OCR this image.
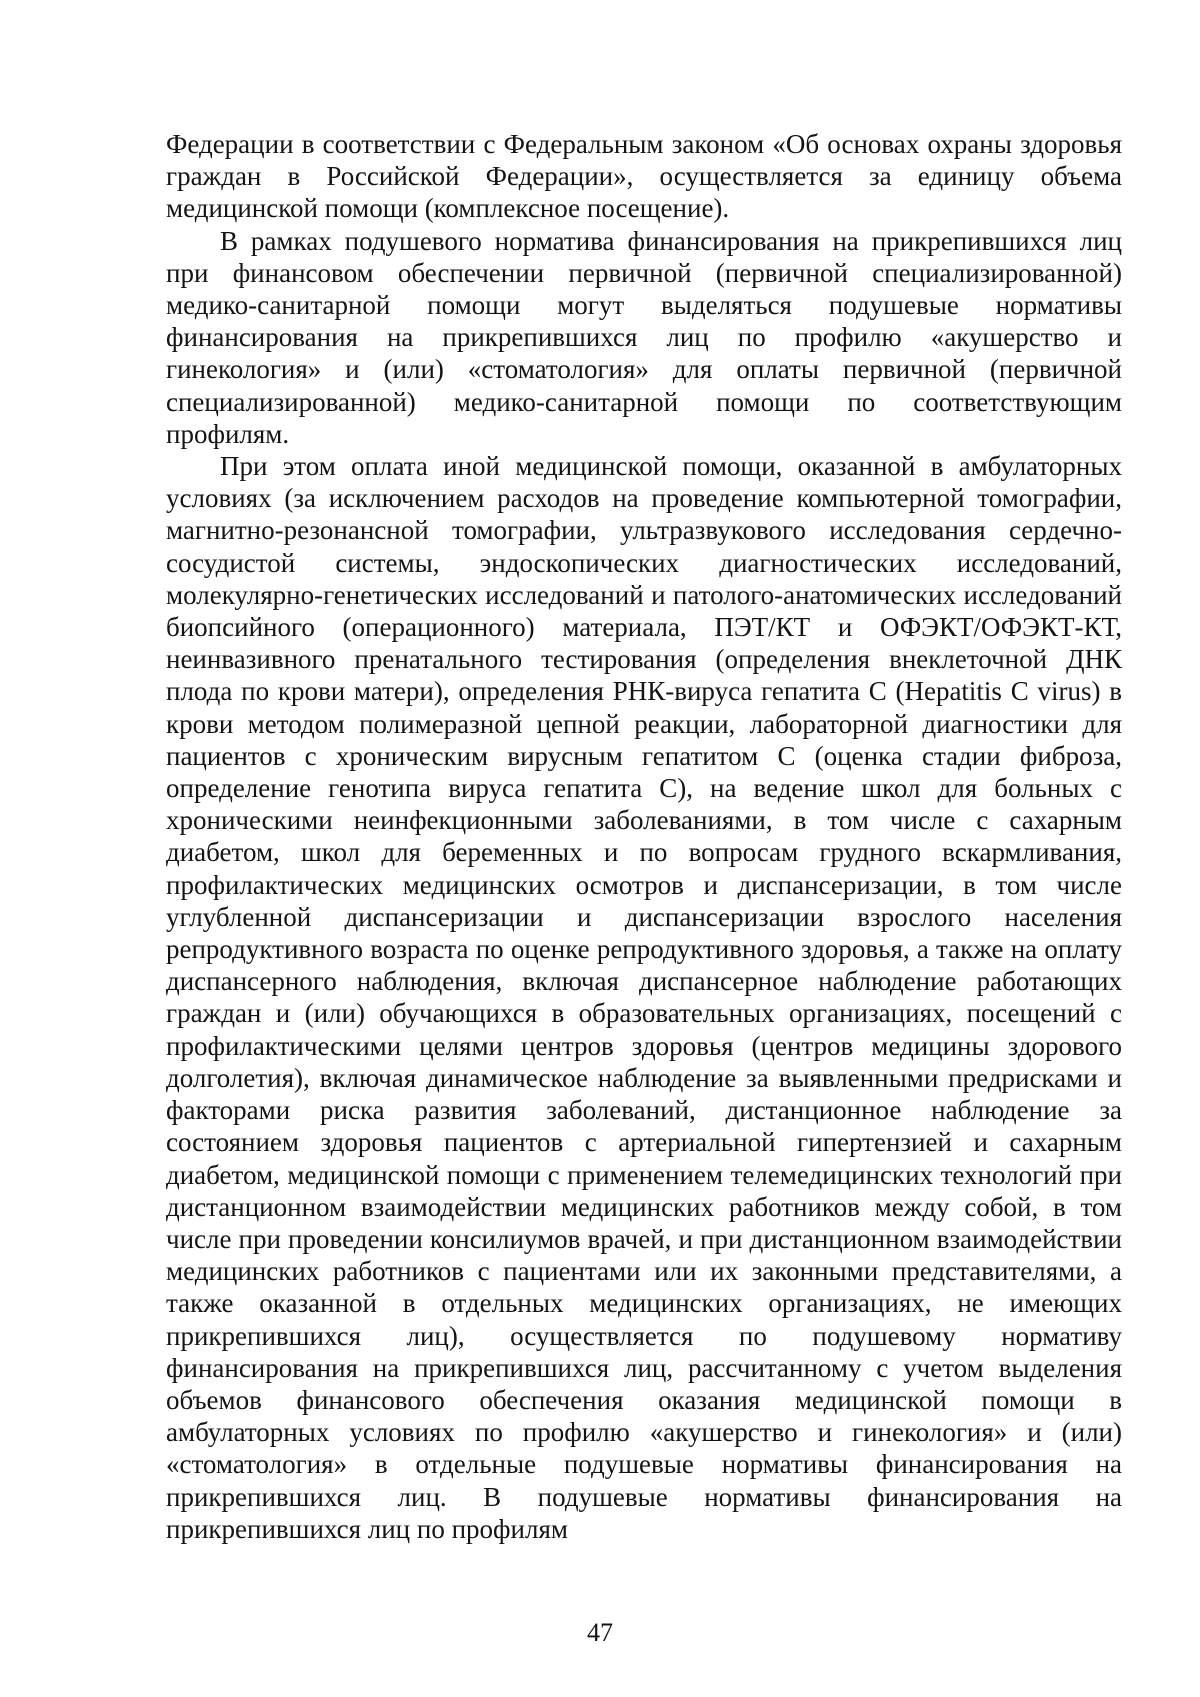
Федерации в соответствии с Федеральным законом «Об основах охраны здоровья граждан в Российской Федерации», осуществляется за единицу объема медицинской помощи (комплексное посещение).

В рамках подушевого норматива финансирования на прикрепившихся лиц при финансовом обеспечении первичной (первичной специализированной) медико-санитарной помощи могут выделяться подушевые нормативы финансирования на прикрепившихся лиц по профилю «акушерство и гинекология» и (или) «стоматология» для оплаты первичной (первичной специализированной) медико-санитарной помощи по соответствующим профилям.

При этом оплата иной медицинской помощи, оказанной в амбулаторных условиях (за исключением расходов на проведение компьютерной томографии, магнитно-резонансной томографии, ультразвукового исследования сердечно-сосудистой системы, эндоскопических диагностических исследований, молекулярно-генетических исследований и патолого-анатомических исследований биопсийного (операционного) материала, ПЭТ/КТ и ОФЭКТ/ОФЭКТ-КТ, неинвазивного пренатального тестирования (определения внеклеточной ДНК плода по крови матери), определения РНК-вируса гепатита С (Hepatitis C virus) в крови методом полимеразной цепной реакции, лабораторной диагностики для пациентов с хроническим вирусным гепатитом С (оценка стадии фиброза, определение генотипа вируса гепатита С), на ведение школ для больных с хроническими неинфекционными заболеваниями, в том числе с сахарным диабетом, школ для беременных и по вопросам грудного вскармливания, профилактических медицинских осмотров и диспансеризации, в том числе углубленной диспансеризации и диспансеризации взрослого населения репродуктивного возраста по оценке репродуктивного здоровья, а также на оплату диспансерного наблюдения, включая диспансерное наблюдение работающих граждан и (или) обучающихся в образовательных организациях, посещений с профилактическими целями центров здоровья (центров медицины здорового долголетия), включая динамическое наблюдение за выявленными предрисками и факторами риска развития заболеваний, дистанционное наблюдение за состоянием здоровья пациентов с артериальной гипертензией и сахарным диабетом, медицинской помощи с применением телемедицинских технологий при дистанционном взаимодействии медицинских работников между собой, в том числе при проведении консилиумов врачей, и при дистанционном взаимодействии медицинских работников с пациентами или их законными представителями, а также оказанной в отдельных медицинских организациях, не имеющих прикрепившихся лиц), осуществляется по подушевому нормативу финансирования на прикрепившихся лиц, рассчитанному с учетом выделения объемов финансового обеспечения оказания медицинской помощи в амбулаторных условиях по профилю «акушерство и гинекология» и (или) «стоматология» в отдельные подушевые нормативы финансирования на прикрепившихся лиц. В подушевые нормативы финансирования на прикрепившихся лиц по профилям

47
